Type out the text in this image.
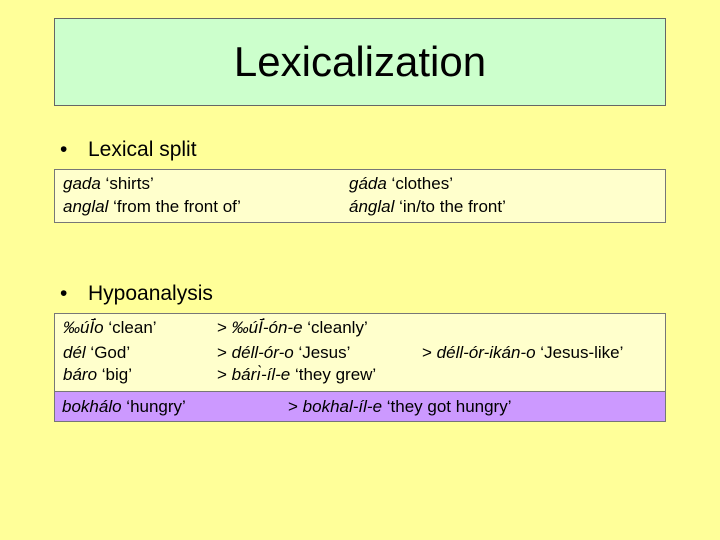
Lexicalization
• Lexical split
gada ‘shirts’	gáda ‘clothes’
anglal ‘from the front of’	ánglal ‘in/to the front’
• Hypoanalysis
‰úĪ́o ‘clean’	> ‰úĪ́-ón-e ‘cleanly’
dél ‘God’	> déll-ór-o ‘Jesus’	> déll-ór-ikán-o ‘Jesus-like’
báro ‘big’	> bárı̀-íl-e ‘they grew’
bokhálo ‘hungry’	> bokhal-íl-e ‘they got hungry’
